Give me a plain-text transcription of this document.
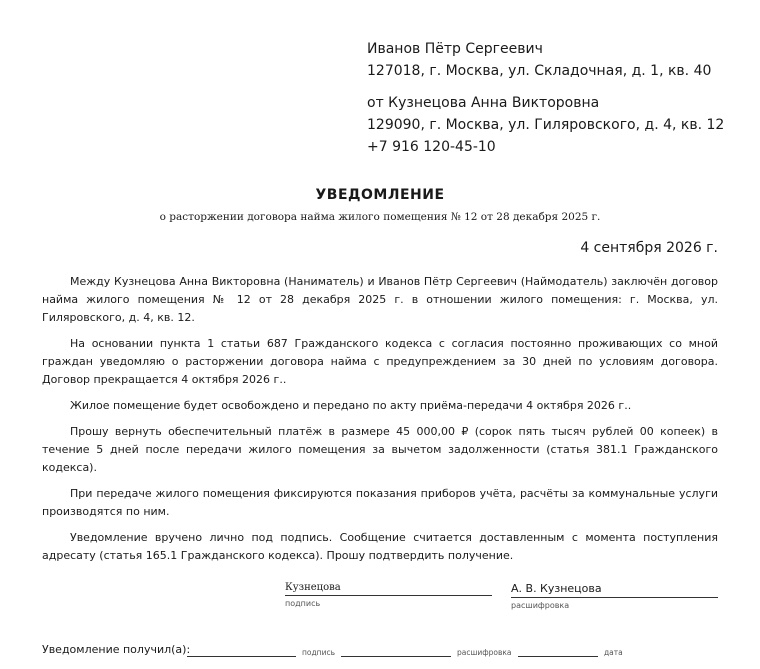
Иванов Пётр Сергеевич
127018, г. Москва, ул. Складочная, д. 1, кв. 40
от Кузнецова Анна Викторовна
129090, г. Москва, ул. Гиляровского, д. 4, кв. 12
+7 916 120-45-10
УВЕДОМЛЕНИЕ
о расторжении договора найма жилого помещения № 12 от 28 декабря 2025 г.
4 сентября 2026 г.

Между Кузнецова Анна Викторовна (Наниматель) и Иванов Пётр Сергеевич (Наймодатель) заключён договор найма жилого помещения № 12 от 28 декабря 2025 г. в отношении жилого помещения: г. Москва, ул. Гиляровского, д. 4, кв. 12.

На основании пункта 1 статьи 687 Гражданского кодекса с согласия постоянно проживающих со мной граждан уведомляю о расторжении договора найма с предупреждением за 30 дней по условиям договора. Договор прекращается 4 октября 2026 г..

Жилое помещение будет освобождено и передано по акту приёма-передачи 4 октября 2026 г..

Прошу вернуть обеспечительный платёж в размере 45 000,00 ₽ (сорок пять тысяч рублей 00 копеек) в течение 5 дней после передачи жилого помещения за вычетом задолженности (статья 381.1 Гражданского кодекса).

При передаче жилого помещения фиксируются показания приборов учёта, расчёты за коммунальные услуги производятся по ним.

Уведомление вручено лично под подпись. Сообщение считается доставленным с момента поступления адресату (статья 165.1 Гражданского кодекса). Прошу подтвердить получение.

Кузнецова
подпись
А. В. Кузнецова
расшифровка
Уведомление получил(а):	подпись	расшифровка	дата
